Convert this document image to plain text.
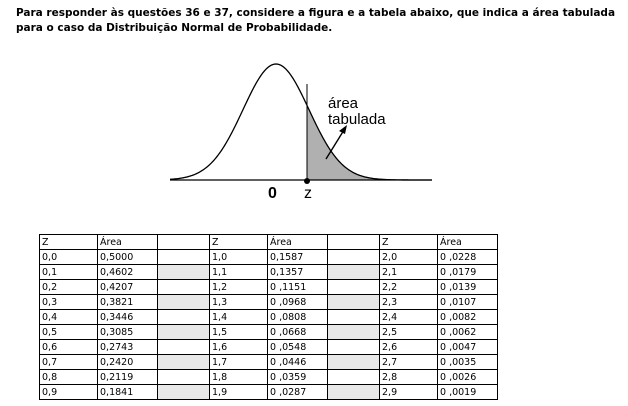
Para responder às questões 36 e 37, considere a figura e a tabela abaixo, que indica a área tabulada para o caso da Distribuição Normal de Probabilidade.
área
tabulada
0 z
Z	Área		Z	Área		Z	Área
0,0	0,5000		1,0	0,1587		2,0	0 ,0228
0,1	0,4602		1,1	0,1357		2,1	0 ,0179
0,2	0,4207		1,2	0 ,1151		2,2	0 ,0139
0,3	0,3821		1,3	0 ,0968		2,3	0 ,0107
0,4	0,3446		1,4	0 ,0808		2,4	0 ,0082
0,5	0,3085		1,5	0 ,0668		2,5	0 ,0062
0,6	0,2743		1,6	0 ,0548		2,6	0 ,0047
0,7	0,2420		1,7	0 ,0446		2,7	0 ,0035
0,8	0,2119		1,8	0 ,0359		2,8	0 ,0026
0,9	0,1841		1,9	0 ,0287		2,9	0 ,0019
